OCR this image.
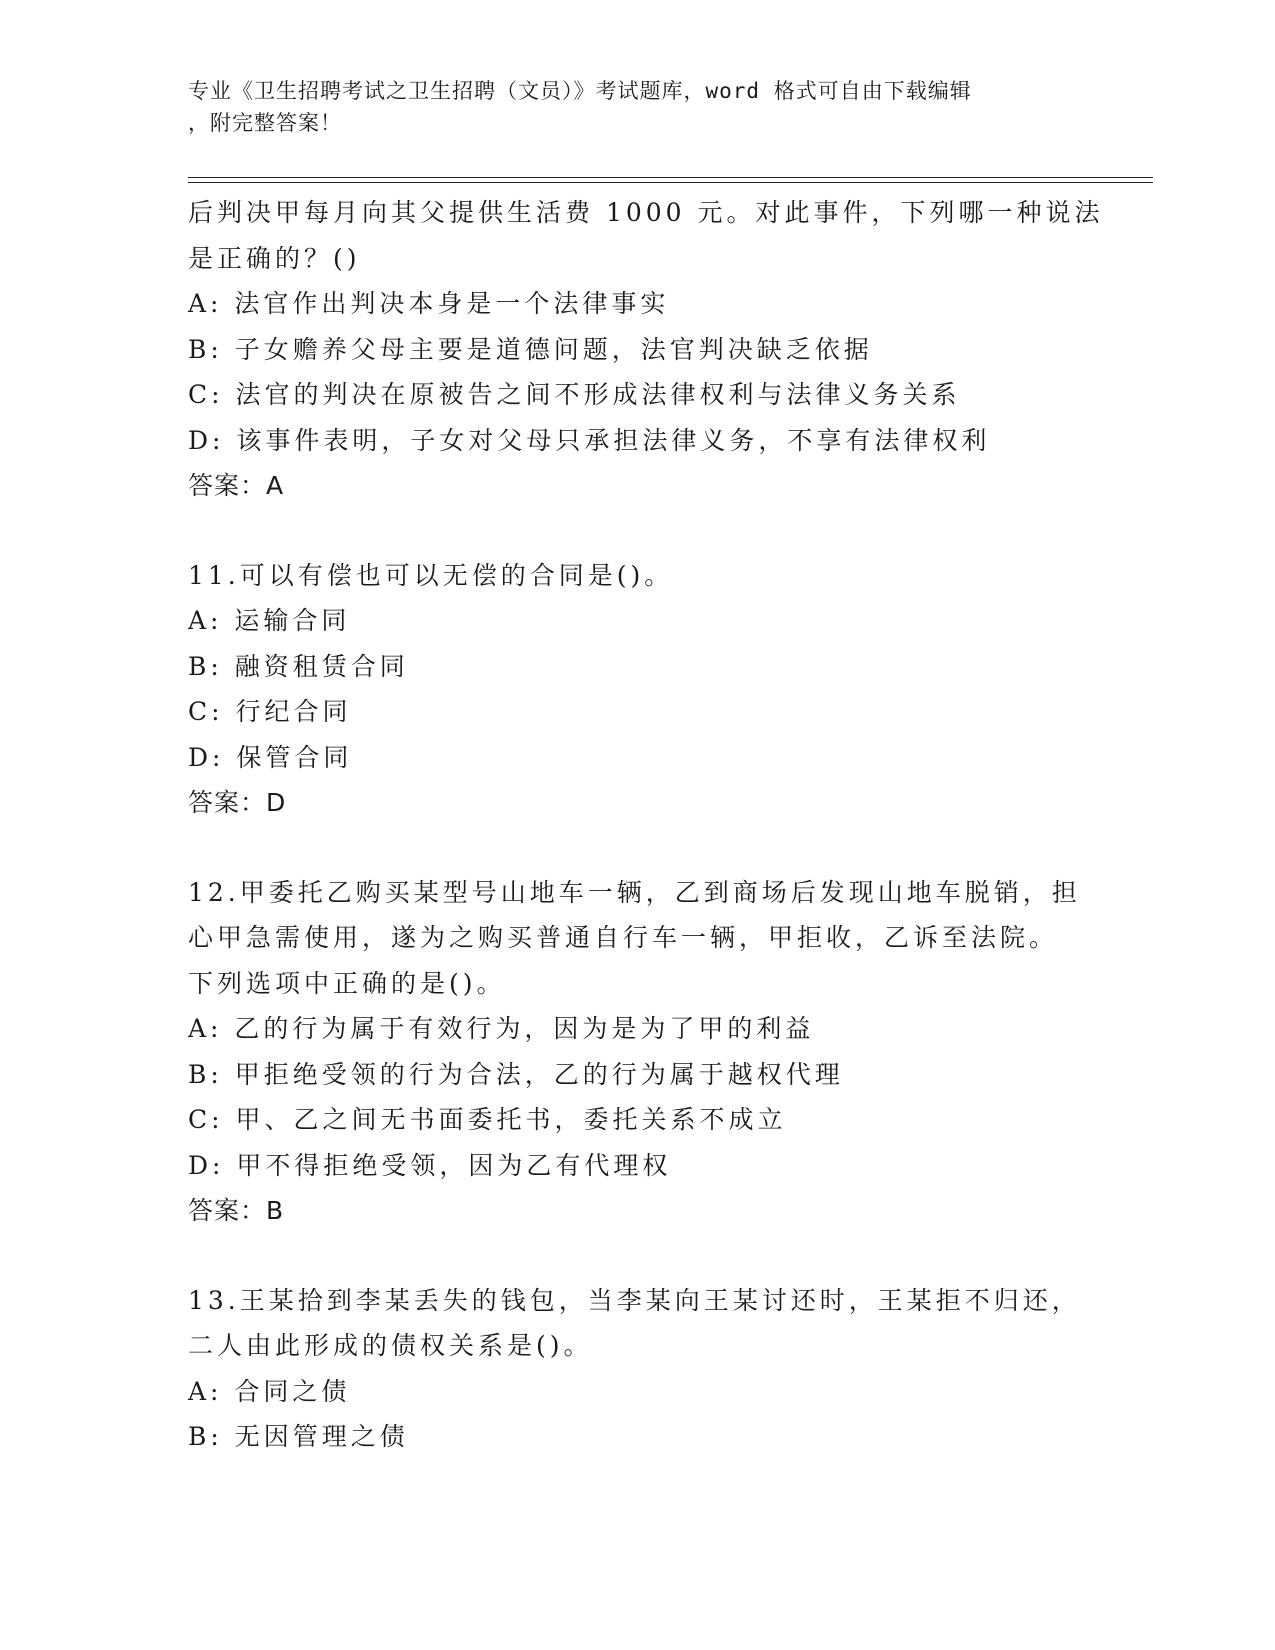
专业《卫生招聘考试之卫生招聘（文员）》考试题库，word 格式可自由下载编辑
，附完整答案！
后判决甲每月向其父提供生活费 1000 元。对此事件，下列哪一种说法
是正确的？()
A: 法官作出判决本身是一个法律事实
B: 子女赡养父母主要是道德问题，法官判决缺乏依据
C: 法官的判决在原被告之间不形成法律权利与法律义务关系
D: 该事件表明，子女对父母只承担法律义务，不享有法律权利
答案：A
11.可以有偿也可以无偿的合同是()。
A: 运输合同
B: 融资租赁合同
C: 行纪合同
D: 保管合同
答案：D
12.甲委托乙购买某型号山地车一辆，乙到商场后发现山地车脱销，担
心甲急需使用，遂为之购买普通自行车一辆，甲拒收，乙诉至法院。
下列选项中正确的是()。
A: 乙的行为属于有效行为，因为是为了甲的利益
B: 甲拒绝受领的行为合法，乙的行为属于越权代理
C: 甲、乙之间无书面委托书，委托关系不成立
D: 甲不得拒绝受领，因为乙有代理权
答案：B
13.王某拾到李某丢失的钱包，当李某向王某讨还时，王某拒不归还，
二人由此形成的债权关系是()。
A: 合同之债
B: 无因管理之债
